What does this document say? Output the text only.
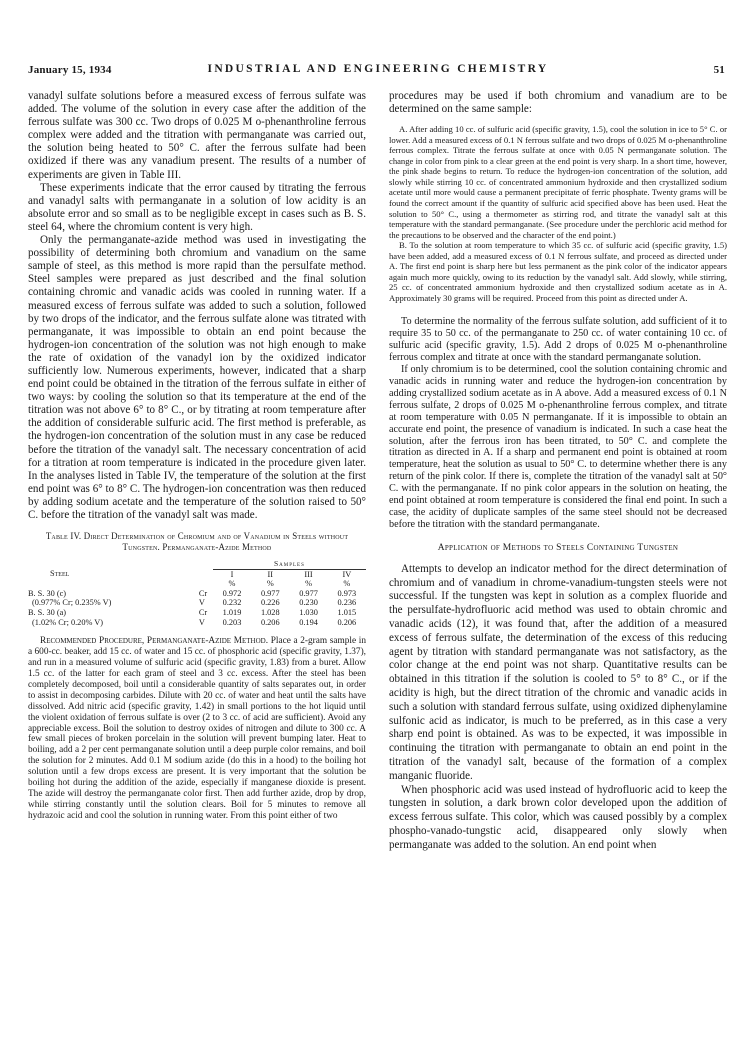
January 15, 1934	INDUSTRIAL AND ENGINEERING CHEMISTRY	51

vanadyl sulfate solutions before a measured excess of ferrous sulfate was added. The volume of the solution in every case after the addition of the ferrous sulfate was 300 cc. Two drops of 0.025 M o-phenanthroline ferrous complex were added and the titration with permanganate was carried out, the solution being heated to 50° C. after the ferrous sulfate had been oxidized if there was any vanadium present. The results of a number of experiments are given in Table III.

These experiments indicate that the error caused by titrating the ferrous and vanadyl salts with permanganate in a solution of low acidity is an absolute error and so small as to be negligible except in cases such as B. S. steel 64, where the chromium content is very high.

Only the permanganate-azide method was used in investigating the possibility of determining both chromium and vanadium on the same sample of steel, as this method is more rapid than the persulfate method. Steel samples were prepared as just described and the final solution containing chromic and vanadic acids was cooled in running water. If a measured excess of ferrous sulfate was added to such a solution, followed by two drops of the indicator, and the ferrous sulfate alone was titrated with permanganate, it was impossible to obtain an end point because the hydrogen-ion concentration of the solution was not high enough to make the rate of oxidation of the vanadyl ion by the oxidized indicator sufficiently low. Numerous experiments, however, indicated that a sharp end point could be obtained in the titration of the ferrous sulfate in either of two ways: by cooling the solution so that its temperature at the end of the titration was not above 6° to 8° C., or by titrating at room temperature after the addition of considerable sulfuric acid. The first method is preferable, as the hydrogen-ion concentration of the solution must in any case be reduced before the titration of the vanadyl salt. The necessary concentration of acid for a titration at room temperature is indicated in the procedure given later. In the analyses listed in Table IV, the temperature of the solution at the first end point was 6° to 8° C. The hydrogen-ion concentration was then reduced by adding sodium acetate and the temperature of the solution raised to 50° C. before the titration of the vanadyl salt was made.

Table IV. Direct Determination of Chromium and of Vanadium in Steels without Tungsten. Permanganate-Azide Method
Steel		Samples			
		I	II	III	IV
		%	%	%	%
B. S. 30 (c)	Cr	0.972	0.977	0.977	0.973
(0.977% Cr; 0.235% V)	V	0.232	0.226	0.230	0.236
B. S. 30 (a)	Cr	1.019	1.028	1.030	1.015
(1.02% Cr; 0.20% V)	V	0.203	0.206	0.194	0.206

Recommended Procedure, Permanganate-Azide Method. Place a 2-gram sample in a 600-cc. beaker, add 15 cc. of water and 15 cc. of phosphoric acid (specific gravity, 1.37), and run in a measured volume of sulfuric acid (specific gravity, 1.83) from a buret. Allow 1.5 cc. of the latter for each gram of steel and 3 cc. excess. After the steel has been completely decomposed, boil until a considerable quantity of salts separates out, in order to assist in decomposing carbides. Dilute with 20 cc. of water and heat until the salts have dissolved. Add nitric acid (specific gravity, 1.42) in small portions to the hot liquid until the violent oxidation of ferrous sulfate is over (2 to 3 cc. of acid are sufficient). Avoid any appreciable excess. Boil the solution to destroy oxides of nitrogen and dilute to 300 cc. A few small pieces of broken porcelain in the solution will prevent bumping later. Heat to boiling, add a 2 per cent permanganate solution until a deep purple color remains, and boil the solution for 2 minutes. Add 0.1 M sodium azide (do this in a hood) to the boiling hot solution until a few drops excess are present. It is very important that the solution be boiling hot during the addition of the azide, especially if manganese dioxide is present. The azide will destroy the permanganate color first. Then add further azide, drop by drop, while stirring constantly until the solution clears. Boil for 5 minutes to remove all hydrazoic acid and cool the solution in running water. From this point either of two

procedures may be used if both chromium and vanadium are to be determined on the same sample:

A. After adding 10 cc. of sulfuric acid (specific gravity, 1.5), cool the solution in ice to 5° C. or lower. Add a measured excess of 0.1 N ferrous sulfate and two drops of 0.025 M o-phenanthroline ferrous complex. Titrate the ferrous sulfate at once with 0.05 N permanganate solution. The change in color from pink to a clear green at the end point is very sharp. In a short time, however, the pink shade begins to return. To reduce the hydrogen-ion concentration of the solution, add slowly while stirring 10 cc. of concentrated ammonium hydroxide and then crystallized sodium acetate until more would cause a permanent precipitate of ferric phosphate. Twenty grams will be found the correct amount if the quantity of sulfuric acid specified above has been used. Heat the solution to 50° C., using a thermometer as stirring rod, and titrate the vanadyl salt at this temperature with the standard permanganate. (See procedure under the perchloric acid method for the precautions to be observed and the character of the end point.)

B. To the solution at room temperature to which 35 cc. of sulfuric acid (specific gravity, 1.5) have been added, add a measured excess of 0.1 N ferrous sulfate, and proceed as directed under A. The first end point is sharp here but less permanent as the pink color of the indicator appears again much more quickly, owing to its reduction by the vanadyl salt. Add slowly, while stirring, 25 cc. of concentrated ammonium hydroxide and then crystallized sodium acetate as in A. Approximately 30 grams will be required. Proceed from this point as directed under A.

To determine the normality of the ferrous sulfate solution, add sufficient of it to require 35 to 50 cc. of the permanganate to 250 cc. of water containing 10 cc. of sulfuric acid (specific gravity, 1.5). Add 2 drops of 0.025 M o-phenanthroline ferrous complex and titrate at once with the standard permanganate solution.

If only chromium is to be determined, cool the solution containing chromic and vanadic acids in running water and reduce the hydrogen-ion concentration by adding crystallized sodium acetate as in A above. Add a measured excess of 0.1 N ferrous sulfate, 2 drops of 0.025 M o-phenanthroline ferrous complex, and titrate at room temperature with 0.05 N permanganate. If it is impossible to obtain an accurate end point, the presence of vanadium is indicated. In such a case heat the solution, after the ferrous iron has been titrated, to 50° C. and complete the titration as directed in A. If a sharp and permanent end point is obtained at room temperature, heat the solution as usual to 50° C. to determine whether there is any return of the pink color. If there is, complete the titration of the vanadyl salt at 50° C. with the permanganate. If no pink color appears in the solution on heating, the end point obtained at room temperature is considered the final end point. In such a case, the acidity of duplicate samples of the same steel should not be decreased before the titration with the standard permanganate.

Application of Methods to Steels Containing Tungsten

Attempts to develop an indicator method for the direct determination of chromium and of vanadium in chrome-vanadium-tungsten steels were not successful. If the tungsten was kept in solution as a complex fluoride and the persulfate-hydrofluoric acid method was used to obtain chromic and vanadic acids (12), it was found that, after the addition of a measured excess of ferrous sulfate, the determination of the excess of this reducing agent by titration with standard permanganate was not satisfactory, as the color change at the end point was not sharp. Quantitative results can be obtained in this titration if the solution is cooled to 5° to 8° C., or if the acidity is high, but the direct titration of the chromic and vanadic acids in such a solution with standard ferrous sulfate, using oxidized diphenylamine sulfonic acid as indicator, is much to be preferred, as in this case a very sharp end point is obtained. As was to be expected, it was impossible in continuing the titration with permanganate to obtain an end point in the titration of the vanadyl salt, because of the formation of a complex manganic fluoride.

When phosphoric acid was used instead of hydrofluoric acid to keep the tungsten in solution, a dark brown color developed upon the addition of excess ferrous sulfate. This color, which was caused possibly by a complex phospho-vanado-tungstic acid, disappeared only slowly when permanganate was added to the solution. An end point when
